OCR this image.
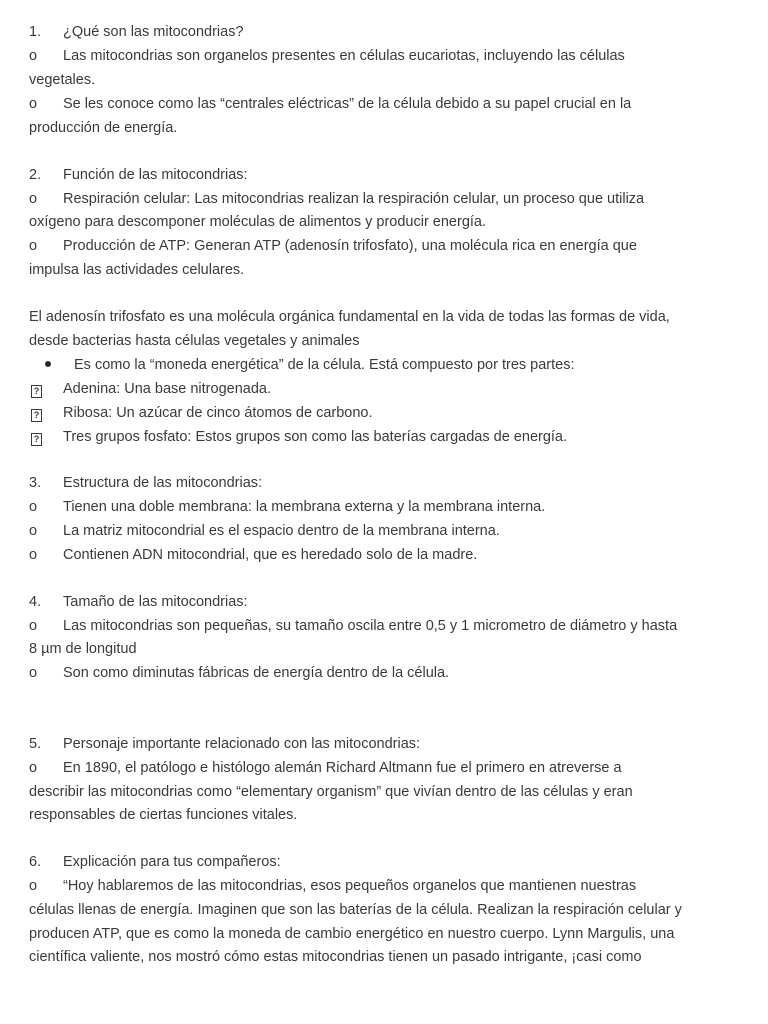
1. ¿Qué son las mitocondrias?
o Las mitocondrias son organelos presentes en células eucariotas, incluyendo las células
vegetales.
o Se les conoce como las “centrales eléctricas” de la célula debido a su papel crucial en la
producción de energía.
2. Función de las mitocondrias:
o Respiración celular: Las mitocondrias realizan la respiración celular, un proceso que utiliza
oxígeno para descomponer moléculas de alimentos y producir energía.
o Producción de ATP: Generan ATP (adenosín trifosfato), una molécula rica en energía que
impulsa las actividades celulares.
El adenosín trifosfato es una molécula orgánica fundamental en la vida de todas las formas de vida,
desde bacterias hasta células vegetales y animales
Es como la “moneda energética” de la célula. Está compuesto por tres partes:
? Adenina: Una base nitrogenada.
? Ribosa: Un azúcar de cinco átomos de carbono.
? Tres grupos fosfato: Estos grupos son como las baterías cargadas de energía.
3. Estructura de las mitocondrias:
o Tienen una doble membrana: la membrana externa y la membrana interna.
o La matriz mitocondrial es el espacio dentro de la membrana interna.
o Contienen ADN mitocondrial, que es heredado solo de la madre.
4. Tamaño de las mitocondrias:
o Las mitocondrias son pequeñas, su tamaño oscila entre 0,5 y 1 micrometro de diámetro y hasta
8 µm de longitud
o Son como diminutas fábricas de energía dentro de la célula.
5. Personaje importante relacionado con las mitocondrias:
o En 1890, el patólogo e histólogo alemán Richard Altmann fue el primero en atreverse a
describir las mitocondrias como “elementary organism” que vivían dentro de las células y eran
responsables de ciertas funciones vitales.
6. Explicación para tus compañeros:
o “Hoy hablaremos de las mitocondrias, esos pequeños organelos que mantienen nuestras
células llenas de energía. Imaginen que son las baterías de la célula. Realizan la respiración celular y
producen ATP, que es como la moneda de cambio energético en nuestro cuerpo. Lynn Margulis, una
científica valiente, nos mostró cómo estas mitocondrias tienen un pasado intrigante, ¡casi como
